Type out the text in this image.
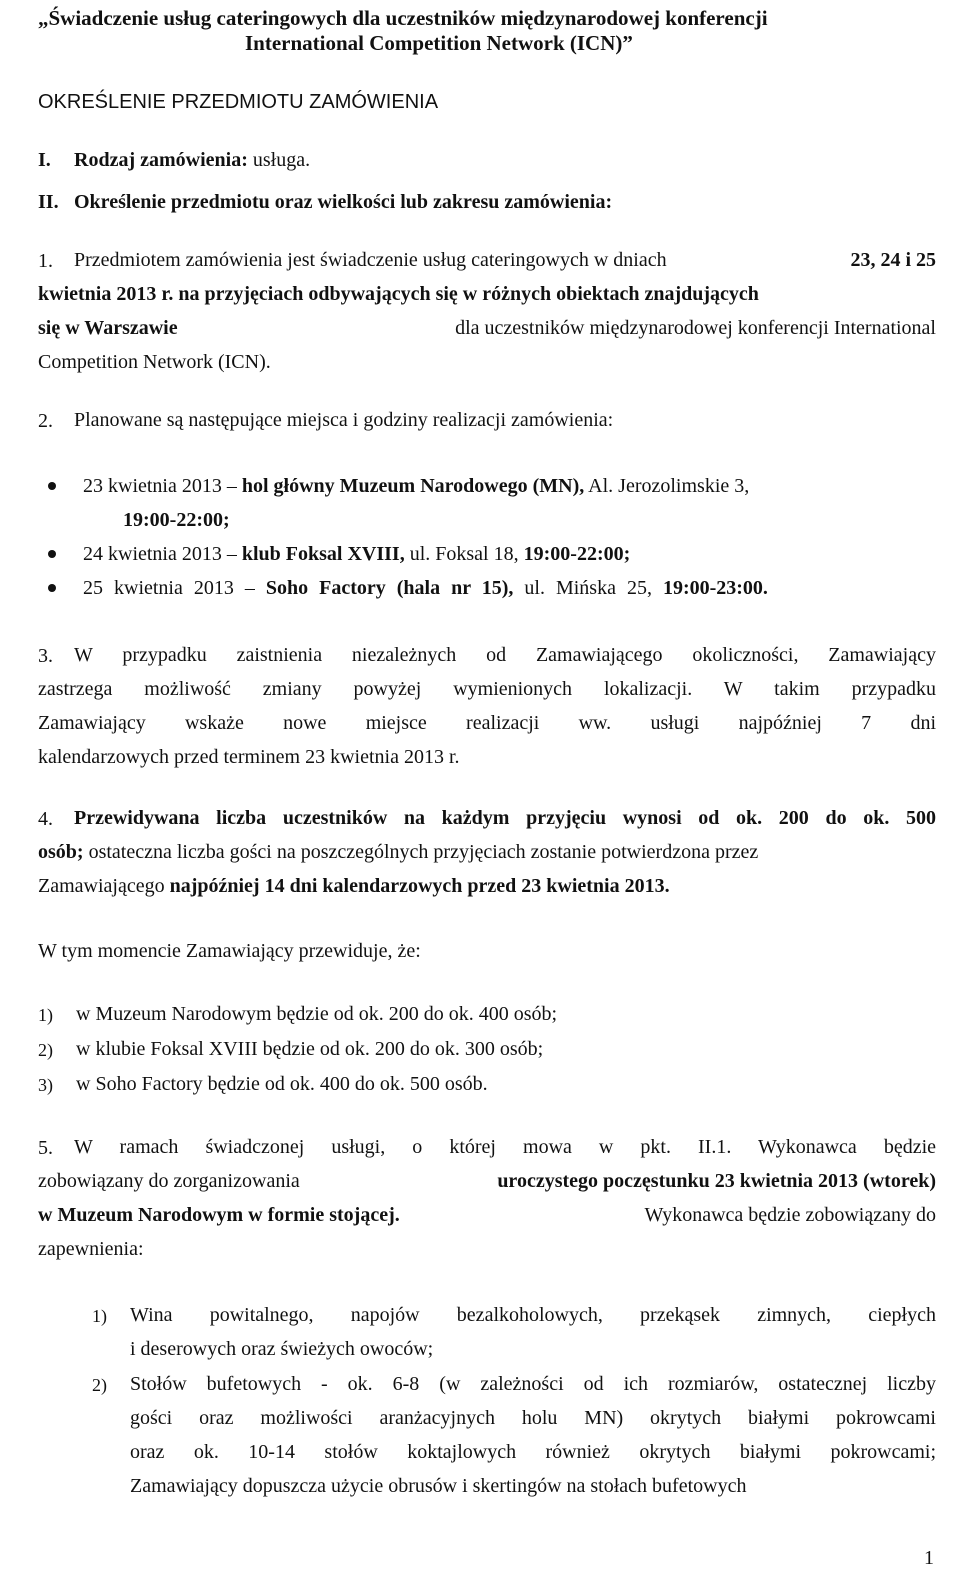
„Świadczenie usług cateringowych dla uczestników międzynarodowej konferencji
International Competition Network (ICN)”
OKREŚLENIE PRZEDMIOTU ZAMÓWIENIA
I. Rodzaj zamówienia: usługa.
II. Określenie przedmiotu oraz wielkości lub zakresu zamówienia:
1. Przedmiotem zamówienia jest świadczenie usług cateringowych w dniach	23, 24 i 25
kwietnia 2013 r. na przyjęciach odbywających się w różnych obiektach znajdujących
się w Warszawie	dla uczestników międzynarodowej konferencji International
Competition Network (ICN).
2. Planowane są następujące miejsca i godziny realizacji zamówienia:
23 kwietnia 2013 – hol główny Muzeum Narodowego (MN), Al. Jerozolimskie 3,
19:00-22:00;
24 kwietnia 2013 – klub Foksal XVIII, ul. Foksal 18, 19:00-22:00;
25 kwietnia 2013 – Soho Factory (hala nr 15), ul. Mińska 25, 19:00-23:00.
3. W przypadku zaistnienia niezależnych od Zamawiającego okoliczności, Zamawiający
zastrzega możliwość zmiany powyżej wymienionych lokalizacji. W takim przypadku
Zamawiający wskaże nowe miejsce realizacji ww. usługi najpóźniej 7 dni
kalendarzowych przed terminem 23 kwietnia 2013 r.
4. Przewidywana liczba uczestników na każdym przyjęciu wynosi od ok. 200 do ok. 500
osób; ostateczna liczba gości na poszczególnych przyjęciach zostanie potwierdzona przez
Zamawiającego najpóźniej 14 dni kalendarzowych przed 23 kwietnia 2013.
W tym momencie Zamawiający przewiduje, że:
1) w Muzeum Narodowym będzie od ok. 200 do ok. 400 osób;
2) w klubie Foksal XVIII będzie od ok. 200 do ok. 300 osób;
3) w Soho Factory będzie od ok. 400 do ok. 500 osób.
5. W ramach świadczonej usługi, o której mowa w pkt. II.1. Wykonawca będzie
zobowiązany do zorganizowania	uroczystego poczęstunku 23 kwietnia 2013 (wtorek)
w Muzeum Narodowym w formie stojącej.	Wykonawca będzie zobowiązany do
zapewnienia:
1) Wina powitalnego, napojów bezalkoholowych, przekąsek zimnych, ciepłych
i deserowych oraz świeżych owoców;
2) Stołów bufetowych - ok. 6-8 (w zależności od ich rozmiarów, ostatecznej liczby
gości oraz możliwości aranżacyjnych holu MN) okrytych białymi pokrowcami
oraz ok. 10-14 stołów koktajlowych również okrytych białymi pokrowcami;
Zamawiający dopuszcza użycie obrusów i skertingów na stołach bufetowych
1
